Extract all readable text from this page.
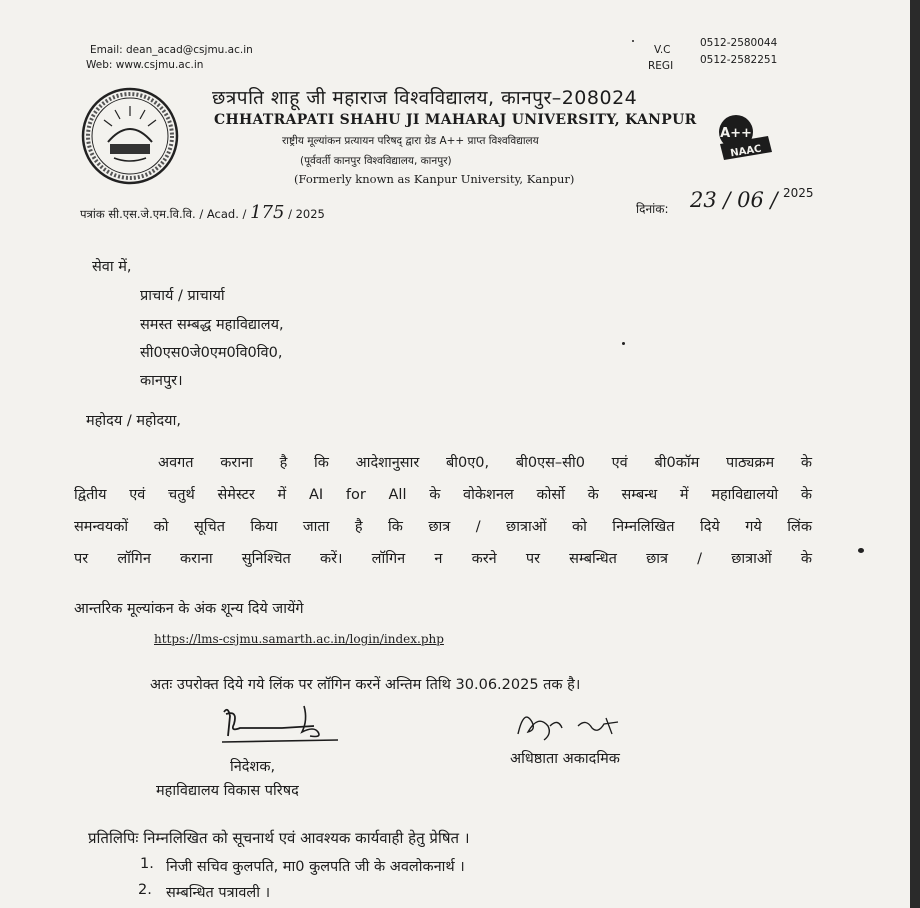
Email: dean_acad@csjmu.ac.in
Web: www.csjmu.ac.in
V.C
0512-2580044
REGI	0512-2582251
छत्रपति शाहू जी महाराज विश्वविद्यालय, कानपुर–208024
CHHATRAPATI SHAHU JI MAHARAJ UNIVERSITY, KANPUR
राष्ट्रीय मूल्यांकन प्रत्यायन परिषद् द्वारा ग्रेड A++ प्राप्त विश्वविद्यालय
(पूर्ववर्ती कानपुर विश्वविद्यालय, कानपुर)
(Formerly known as Kanpur University, Kanpur)
A++
NAAC
पत्रांक सी.एस.जे.एम.वि.वि. / Acad. / 175 / 2025	दिनांक: 23 / 06 / 2025
सेवा में,
प्राचार्य / प्राचार्या
समस्त सम्बद्ध महाविद्यालय,
सी0एस0जे0एम0वि0वि0,
कानपुर।
महोदय / महोदया,
अवगत कराना है कि आदेशानुसार बी0ए0, बी0एस–सी0 एवं बी0कॉम पाठ्यक्रम के
द्वितीय एवं चतुर्थ सेमेस्टर में AI for All के वोकेशनल कोर्सो के सम्बन्ध में महाविद्यालयो के
समन्वयकों को सूचित किया जाता है कि छात्र / छात्राओं को निम्नलिखित दिये गये लिंक
पर लॉगिन कराना सुनिश्चित करें। लॉगिन न करने पर सम्बन्धित छात्र / छात्राओं के
आन्तरिक मूल्यांकन के अंक शून्य दिये जायेंगे
https://lms-csjmu.samarth.ac.in/login/index.php
अतः उपरोक्त दिये गये लिंक पर लॉगिन करनें अन्तिम तिथि 30.06.2025 तक है।
निदेशक,
महाविद्यालय विकास परिषद
अधिष्ठाता अकादमिक
प्रतिलिपिः निम्नलिखित को सूचनार्थ एवं आवश्यक कार्यवाही हेतु प्रेषित ।
1. निजी सचिव कुलपति, मा0 कुलपति जी के अवलोकनार्थ ।
2. सम्बन्धित पत्रावली ।
